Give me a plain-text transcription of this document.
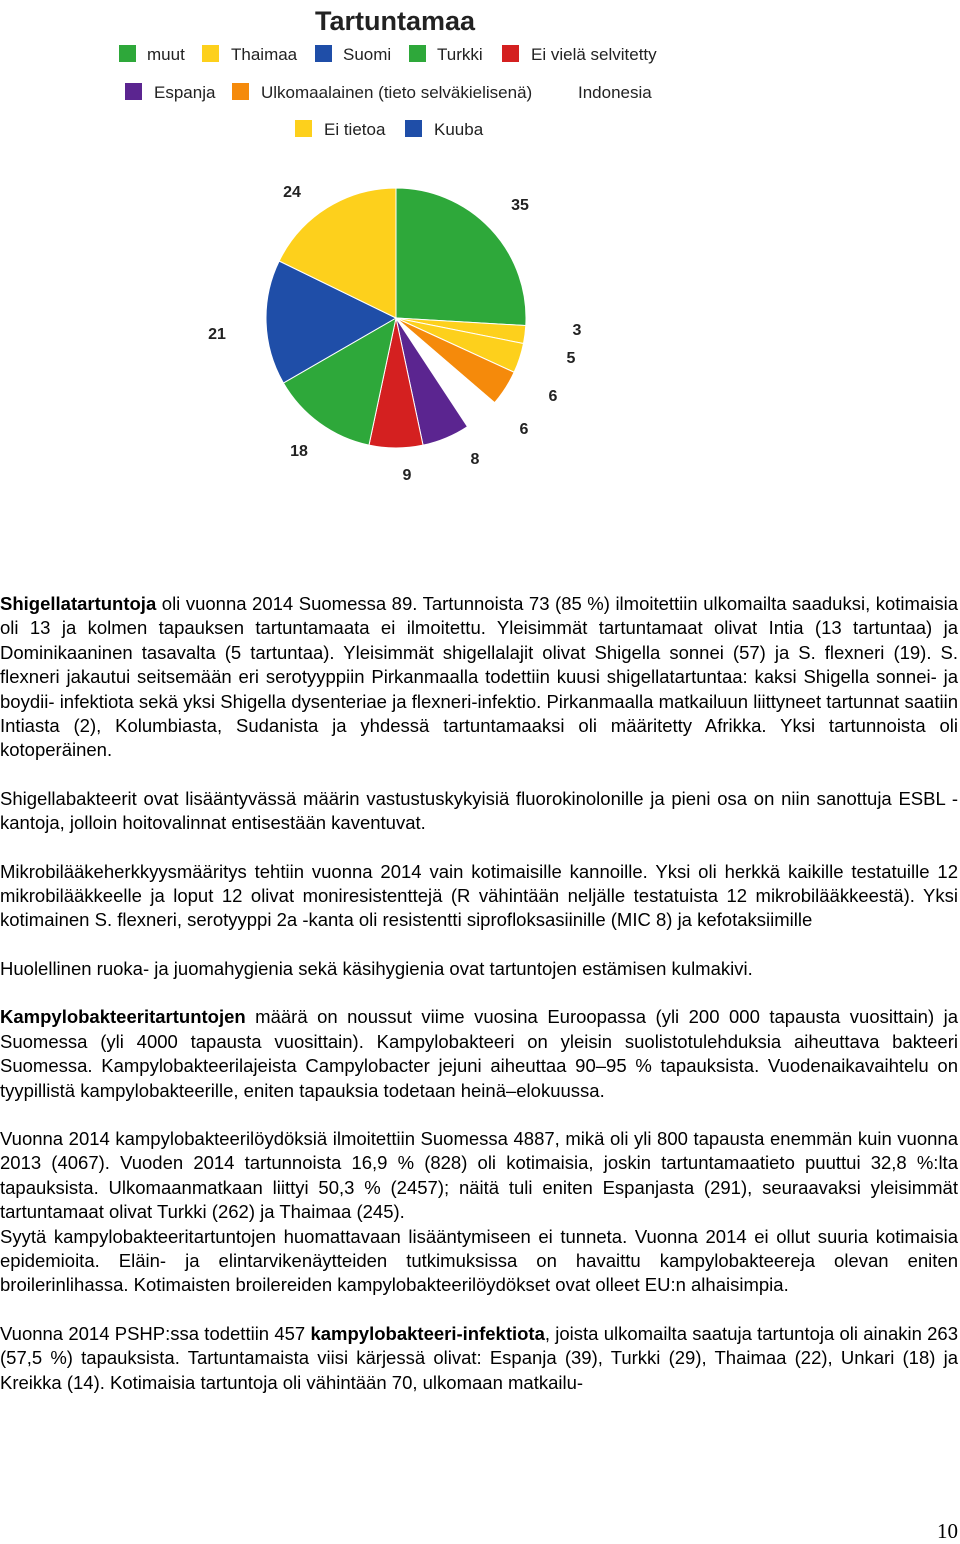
Tartuntamaa
muut	Thaimaa	Suomi	Turkki	Ei vielä selvitetty
Espanja	Ulkomaalainen (tieto selväkielisenä)	Indonesia
Ei tietoa	Kuuba
35
3
5
6
6
8
9
18
21
24

Shigellatartuntoja oli vuonna 2014 Suomessa 89. Tartunnoista 73 (85 %) ilmoitettiin ulkomailta saaduksi, kotimaisia oli 13 ja kolmen tapauksen tartuntamaata ei ilmoitettu. Yleisimmät tartuntamaat olivat Intia (13 tartuntaa) ja Dominikaaninen tasavalta (5 tartuntaa). Yleisimmät shigellalajit olivat Shigella sonnei (57) ja S. flexneri (19). S. flexneri jakautui seitsemään eri serotyyppiin Pirkanmaalla todettiin kuusi shigellatartuntaa: kaksi Shigella sonnei- ja boydii- infektiota sekä yksi Shigella dysenteriae ja flexneri-infektio. Pirkanmaalla matkailuun liittyneet tartunnat saatiin Intiasta (2), Kolumbiasta, Sudanista ja yhdessä tartuntamaaksi oli määritetty Afrikka. Yksi tartunnoista oli kotoperäinen.

Shigellabakteerit ovat lisääntyvässä määrin vastustuskykyisiä fluorokinolonille ja pieni osa on niin sanottuja ESBL -kantoja, jolloin hoitovalinnat entisestään kaventuvat.

Mikrobilääkeherkkyysmääritys tehtiin vuonna 2014 vain kotimaisille kannoille. Yksi oli herkkä kaikille testatuille 12 mikrobilääkkeelle ja loput 12 olivat moniresistenttejä (R vähintään neljälle testatuista 12 mikrobilääkkeestä). Yksi kotimainen S. flexneri, serotyyppi 2a -kanta oli resistentti siprofloksasiinille (MIC 8) ja kefotaksiimille

Huolellinen ruoka- ja juomahygienia sekä käsihygienia ovat tartuntojen estämisen kulmakivi.

Kampylobakteeritartuntojen määrä on noussut viime vuosina Euroopassa (yli 200 000 tapausta vuosittain) ja Suomessa (yli 4000 tapausta vuosittain). Kampylobakteeri on yleisin suolistotulehduksia aiheuttava bakteeri Suomessa. Kampylobakteerilajeista Campylobacter jejuni aiheuttaa 90–95 % tapauksista. Vuodenaikavaihtelu on tyypillistä kampylobakteerille, eniten tapauksia todetaan heinä–elokuussa.

Vuonna 2014 kampylobakteerilöydöksiä ilmoitettiin Suomessa 4887, mikä oli yli 800 tapausta enemmän kuin vuonna 2013 (4067). Vuoden 2014 tartunnoista 16,9 % (828) oli kotimaisia, joskin tartuntamaatieto puuttui 32,8 %:lta tapauksista. Ulkomaanmatkaan liittyi 50,3 % (2457); näitä tuli eniten Espanjasta (291), seuraavaksi yleisimmät tartuntamaat olivat Turkki (262) ja Thaimaa (245).

Syytä kampylobakteeritartuntojen huomattavaan lisääntymiseen ei tunneta. Vuonna 2014 ei ollut suuria kotimaisia epidemioita. Eläin- ja elintarvikenäytteiden tutkimuksissa on havaittu kampylobakteereja olevan eniten broilerinlihassa. Kotimaisten broilereiden kampylobakteerilöydökset ovat olleet EU:n alhaisimpia.

Vuonna 2014 PSHP:ssa todettiin 457 kampylobakteeri-infektiota, joista ulkomailta saatuja tartuntoja oli ainakin 263 (57,5 %) tapauksista. Tartuntamaista viisi kärjessä olivat: Espanja (39), Turkki (29), Thaimaa (22), Unkari (18) ja Kreikka (14). Kotimaisia tartuntoja oli vähintään 70, ulkomaan matkailu-

10
